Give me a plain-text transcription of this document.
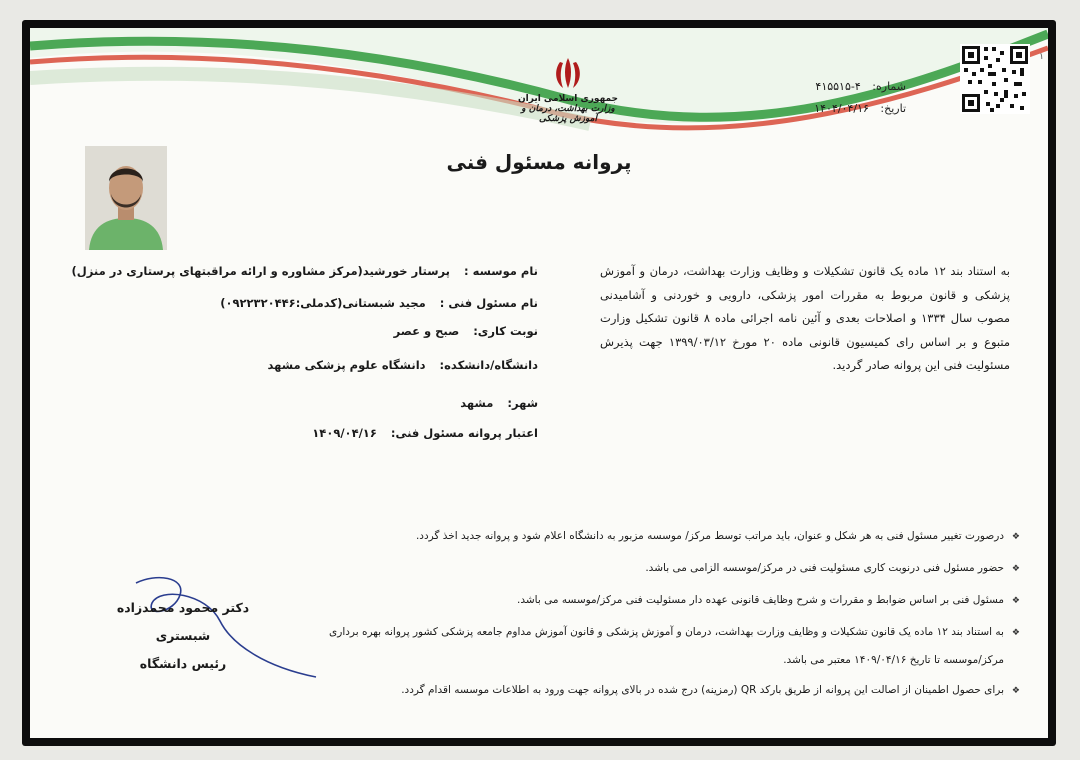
جمهوری اسلامی ایران
وزارت بهداشت، درمان و آموزش پزشکی
شماره: ۴-۴۱۵۵۱۵
تاریخ: ۱۴۰۴/۰۴/۱۶
۱
پروانه مسئول فنی
به استناد بند ۱۲ ماده یک قانون تشکیلات و وظایف وزارت بهداشت، درمان و آموزش پزشکی و قانون مربوط به مقررات امور پزشکی، دارویی و خوردنی و آشامیدنی مصوب سال ۱۳۳۴ و اصلاحات بعدی و آئین نامه اجرائی ماده ۸ قانون تشکیل وزارت متبوع و بر اساس رای کمیسیون قانونی ماده ۲۰ مورخ ۱۳۹۹/۰۳/۱۲ جهت پذیرش مسئولیت فنی این پروانه صادر گردید.
نام موسسه :
پرستار خورشید(مرکز مشاوره و ارائه مراقبتهای پرستاری در منزل)
نام مسئول فنی :
مجید شبستانی(کدملی:۰۹۲۲۳۲۰۴۴۶)
نوبت کاری:
صبح و عصر
دانشگاه/دانشکده:
دانشگاه علوم پزشکی مشهد
شهر:
مشهد
اعتبار پروانه مسئول فنی:
۱۴۰۹/۰۴/۱۶
❖
درصورت تغییر مسئول فنی به هر شکل و عنوان، باید مراتب توسط مرکز/ موسسه مزبور به دانشگاه اعلام شود و پروانه جدید اخذ گردد.
❖
حضور مسئول فنی درنوبت کاری مسئولیت فنی در مرکز/موسسه الزامی می باشد.
❖
مسئول فنی بر اساس ضوابط و مقررات و شرح وظایف قانونی عهده دار مسئولیت فنی مرکز/موسسه می باشد.
❖
به استناد بند ۱۲ ماده یک قانون تشکیلات و وظایف وزارت بهداشت، درمان و آموزش پزشکی و قانون آموزش مداوم جامعه پزشکی کشور پروانه بهره برداری
مرکز/موسسه تا تاریخ ۱۴۰۹/۰۴/۱۶ معتبر می باشد.
❖
برای حصول اطمینان از اصالت این پروانه از طریق بارکد QR (رمزینه) درج شده در بالای پروانه جهت ورود به اطلاعات موسسه اقدام گردد.
دکتر محمود محمدزاده شبستری
رئیس دانشگاه
